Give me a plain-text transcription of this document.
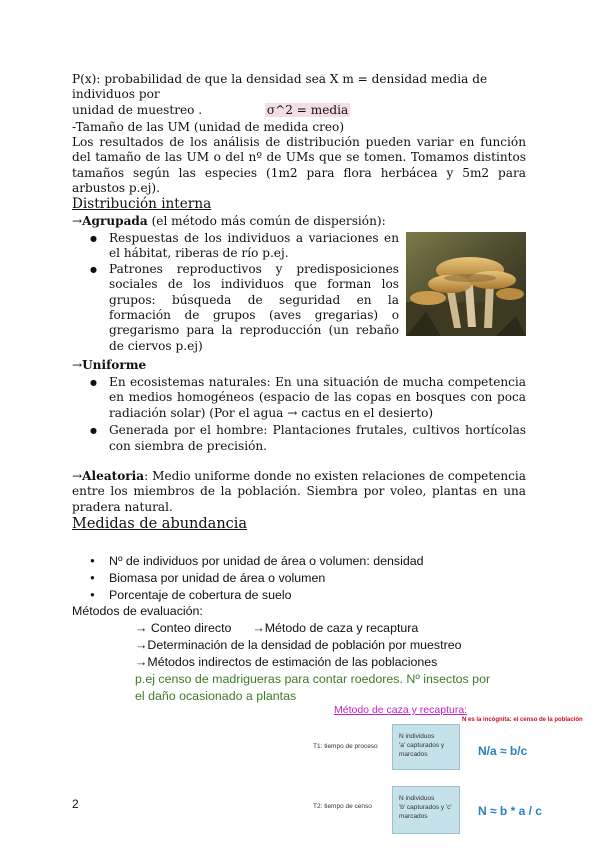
P(x): probabilidad de que la densidad sea X m = densidad media de individuos por
unidad de muestreo .	σ^2 = media
-Tamaño de las UM (unidad de medida creo)
Los resultados de los análisis de distribución pueden variar en función del tamaño de las UM o del nº de UMs que se tomen. Tomamos distintos tamaños según las especies (1m2 para flora herbácea y 5m2 para arbustos p.ej).
Distribución interna
→Agrupada (el método más común de dispersión):
● Respuestas de los individuos a variaciones en el hábitat, riberas de río p.ej.
● Patrones reproductivos y predisposiciones sociales de los individuos que forman los grupos: búsqueda de seguridad en la formación de grupos (aves gregarias) o gregarismo para la reproducción (un rebaño de ciervos p.ej)
→Uniforme
● En ecosistemas naturales: En una situación de mucha competencia en medios homogéneos (espacio de las copas en bosques con poca radiación solar) (Por el agua → cactus en el desierto)
● Generada por el hombre: Plantaciones frutales, cultivos hortícolas con siembra de precisión.
→Aleatoria: Medio uniforme donde no existen relaciones de competencia entre los miembros de la población. Siembra por voleo, plantas en una pradera natural.
Medidas de abundancia
● Nº de individuos por unidad de área o volumen: densidad
● Biomasa por unidad de área o volumen
● Porcentaje de cobertura de suelo
Métodos de evaluación:
→ Conteo directo →Método de caza y recaptura
→Determinación de la densidad de población por muestreo
→Métodos indirectos de estimación de las poblaciones
p.ej censo de madrigueras para contar roedores. Nº insectos por
el daño ocasionado a plantas
Método de caza y recaptura:
N es la incógnita: el censo de la población
T1: tiempo de proceso
N individuos
'a' capturados y marcados	N/a ≈ b/c
T2: tiempo de censo
N individuos
'b' capturados y 'c' marcados	N ≈ b * a / c
2
